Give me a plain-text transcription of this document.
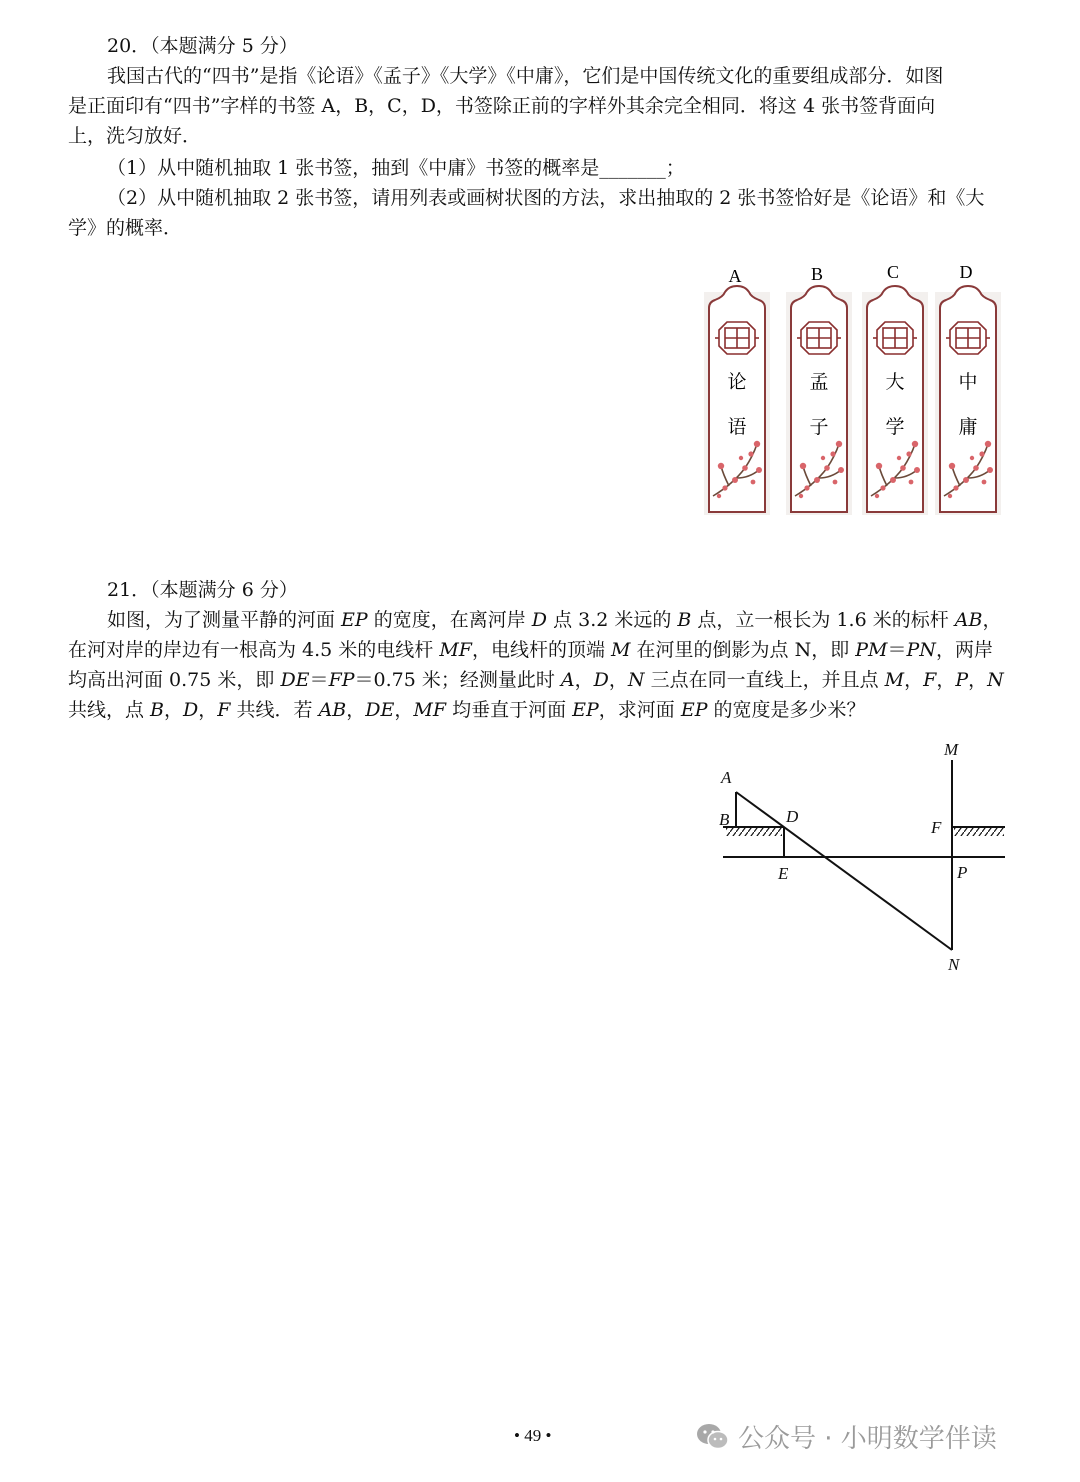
20．（本题满分 5 分）
我国古代的“四书”是指《论语》《孟子》《大学》《中庸》，它们是中国传统文化的重要组成部分．如图
是正面印有“四书”字样的书签 A，B，C，D，书签除正前的字样外其余完全相同．将这 4 张书签背面向
上，洗匀放好．
（1）从中随机抽取 1 张书签，抽到《中庸》书签的概率是_______；
（2）从中随机抽取 2 张书签，请用列表或画树状图的方法，求出抽取的 2 张书签恰好是《论语》和《大
学》的概率．
A
论
语
B
孟
子
C
大
学
D
中
庸
21．（本题满分 6 分）
如图，为了测量平静的河面 EP 的宽度，在离河岸 D 点 3.2 米远的 B 点，立一根长为 1.6 米的标杆 AB，
在河对岸的岸边有一根高为 4.5 米的电线杆 MF，电线杆的顶端 M 在河里的倒影为点 N，即 PM＝PN，两岸
均高出河面 0.75 米，即 DE＝FP＝0.75 米；经测量此时 A，D，N 三点在同一直线上，并且点 M，F，P，N
共线，点 B，D，F 共线．若 AB，DE，MF 均垂直于河面 EP，求河面 EP 的宽度是多少米？
A
B	D
E
F
M
P
N
• 49 •	公众号 · 小明数学伴读
